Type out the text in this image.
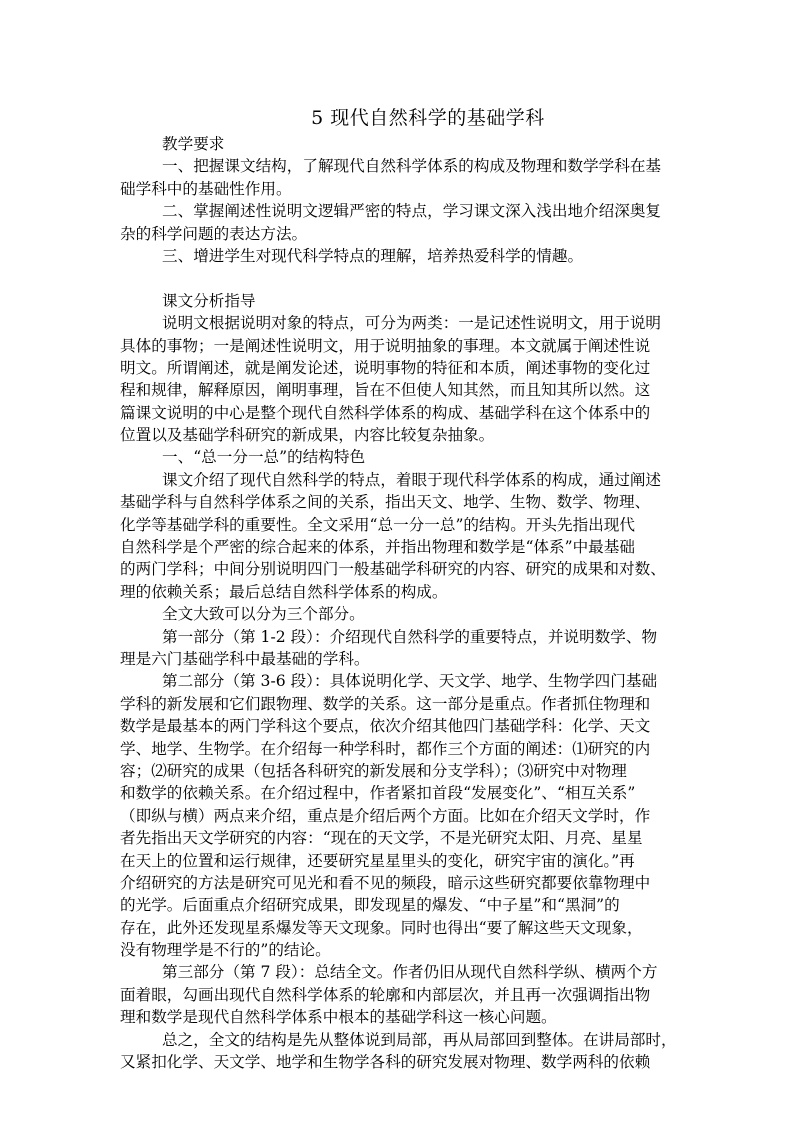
5 现代自然科学的基础学科
教学要求
一、把握课文结构，了解现代自然科学体系的构成及物理和数学学科在基
础学科中的基础性作用。
二、掌握阐述性说明文逻辑严密的特点，学习课文深入浅出地介绍深奥复
杂的科学问题的表达方法。
三、增进学生对现代科学特点的理解，培养热爱科学的情趣。
课文分析指导
说明文根据说明对象的特点，可分为两类：一是记述性说明文，用于说明
具体的事物；一是阐述性说明文，用于说明抽象的事理。本文就属于阐述性说
明文。所谓阐述，就是阐发论述，说明事物的特征和本质，阐述事物的变化过
程和规律，解释原因，阐明事理，旨在不但使人知其然，而且知其所以然。这
篇课文说明的中心是整个现代自然科学体系的构成、基础学科在这个体系中的
位置以及基础学科研究的新成果，内容比较复杂抽象。
一、“总一分一总”的结构特色
课文介绍了现代自然科学的特点，着眼于现代科学体系的构成，通过阐述
基础学科与自然科学体系之间的关系，指出天文、地学、生物、数学、物理、
化学等基础学科的重要性。全文采用“总一分一总”的结构。开头先指出现代
自然科学是个严密的综合起来的体系，并指出物理和数学是“体系”中最基础
的两门学科；中间分别说明四门一般基础学科研究的内容、研究的成果和对数、
理的依赖关系；最后总结自然科学体系的构成。
全文大致可以分为三个部分。
第一部分（第 1-2 段）：介绍现代自然科学的重要特点，并说明数学、物
理是六门基础学科中最基础的学科。
第二部分（第 3-6 段）：具体说明化学、天文学、地学、生物学四门基础
学科的新发展和它们跟物理、数学的关系。这一部分是重点。作者抓住物理和
数学是最基本的两门学科这个要点，依次介绍其他四门基础学科：化学、天文
学、地学、生物学。在介绍每一种学科时，都作三个方面的阐述：⑴研究的内
容；⑵研究的成果（包括各科研究的新发展和分支学科）；⑶研究中对物理
和数学的依赖关系。在介绍过程中，作者紧扣首段“发展变化”、“相互关系”
（即纵与横）两点来介绍，重点是介绍后两个方面。比如在介绍天文学时，作
者先指出天文学研究的内容：“现在的天文学，不是光研究太阳、月亮、星星
在天上的位置和运行规律，还要研究星星里头的变化，研究宇宙的演化。”再
介绍研究的方法是研究可见光和看不见的频段，暗示这些研究都要依靠物理中
的光学。后面重点介绍研究成果，即发现星的爆发、“中子星”和“黑洞”的
存在，此外还发现星系爆发等天文现象。同时也得出“要了解这些天文现象，
没有物理学是不行的”的结论。
第三部分（第 7 段）：总结全文。作者仍旧从现代自然科学纵、横两个方
面着眼，勾画出现代自然科学体系的轮廓和内部层次，并且再一次强调指出物
理和数学是现代自然科学体系中根本的基础学科这一核心问题。
总之，全文的结构是先从整体说到局部，再从局部回到整体。在讲局部时，
又紧扣化学、天文学、地学和生物学各科的研究发展对物理、数学两科的依赖
